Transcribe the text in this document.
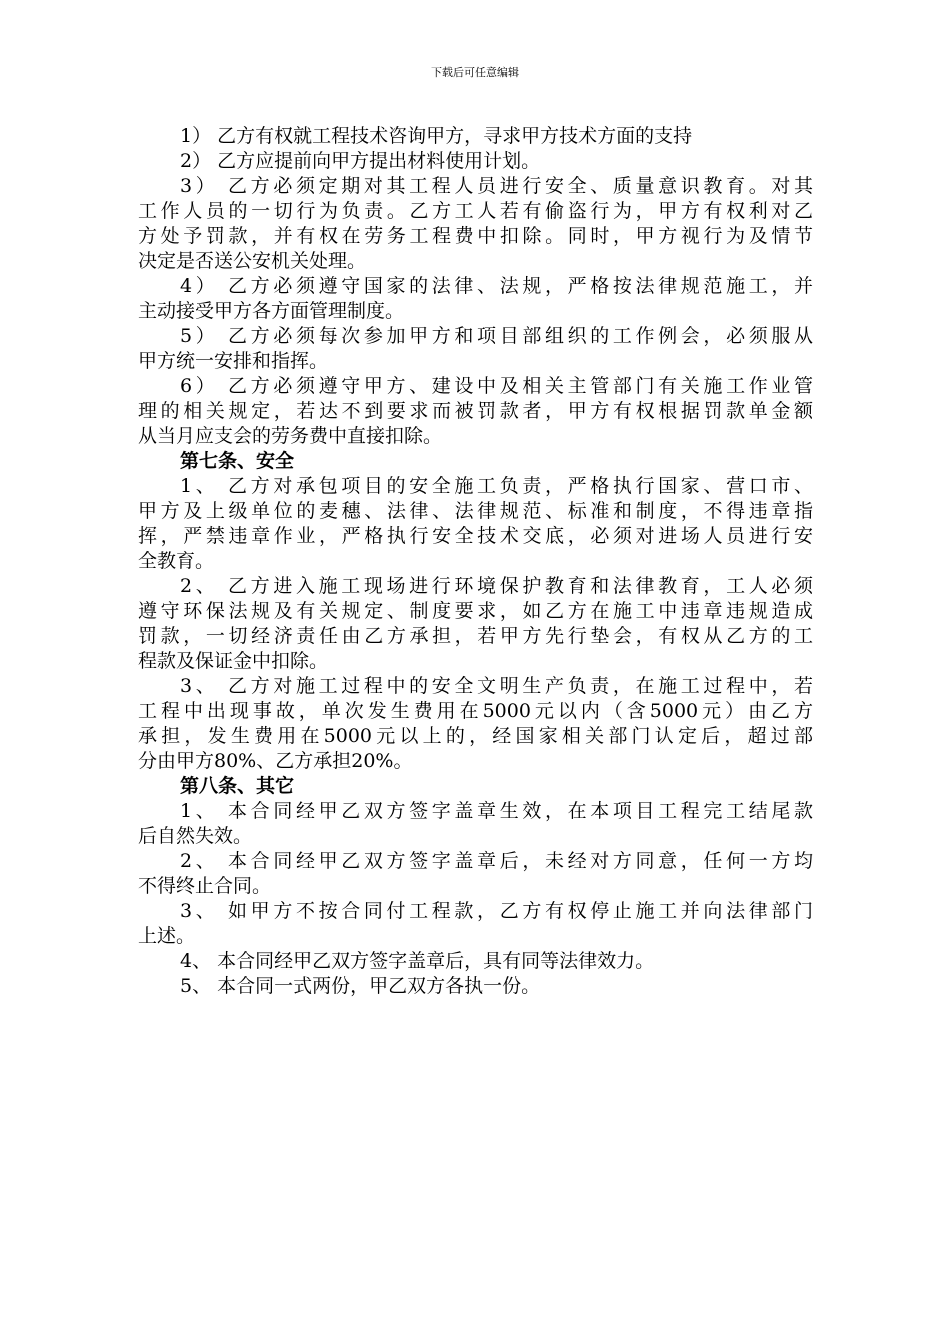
下载后可任意编辑
1） 乙方有权就工程技术咨询甲方，寻求甲方技术方面的支持
2） 乙方应提前向甲方提出材料使用计划。
3） 乙方必须定期对其工程人员进行安全、质量意识教育。对其
工作人员的一切行为负责。乙方工人若有偷盗行为，甲方有权利对乙
方处予罚款，并有权在劳务工程费中扣除。同时，甲方视行为及情节
决定是否送公安机关处理。
4） 乙方必须遵守国家的法律、法规，严格按法律规范施工，并
主动接受甲方各方面管理制度。
5） 乙方必须每次参加甲方和项目部组织的工作例会，必须服从
甲方统一安排和指挥。
6） 乙方必须遵守甲方、建设中及相关主管部门有关施工作业管
理的相关规定，若达不到要求而被罚款者，甲方有权根据罚款单金额
从当月应支会的劳务费中直接扣除。
第七条、安全
1、 乙方对承包项目的安全施工负责，严格执行国家、营口市、
甲方及上级单位的麦穗、法律、法律规范、标准和制度，不得违章指
挥，严禁违章作业，严格执行安全技术交底，必须对进场人员进行安
全教育。
2、 乙方进入施工现场进行环境保护教育和法律教育，工人必须
遵守环保法规及有关规定、制度要求，如乙方在施工中违章违规造成
罚款，一切经济责任由乙方承担，若甲方先行垫会，有权从乙方的工
程款及保证金中扣除。
3、 乙方对施工过程中的安全文明生产负责，在施工过程中，若
工程中出现事故，单次发生费用在5000元以内（含5000元）由乙方
承担，发生费用在5000元以上的，经国家相关部门认定后，超过部
分由甲方80%、乙方承担20%。
第八条、其它
1、 本合同经甲乙双方签字盖章生效，在本项目工程完工结尾款
后自然失效。
2、 本合同经甲乙双方签字盖章后，未经对方同意，任何一方均
不得终止合同。
3、 如甲方不按合同付工程款，乙方有权停止施工并向法律部门
上述。
4、 本合同经甲乙双方签字盖章后，具有同等法律效力。
5、 本合同一式两份，甲乙双方各执一份。
